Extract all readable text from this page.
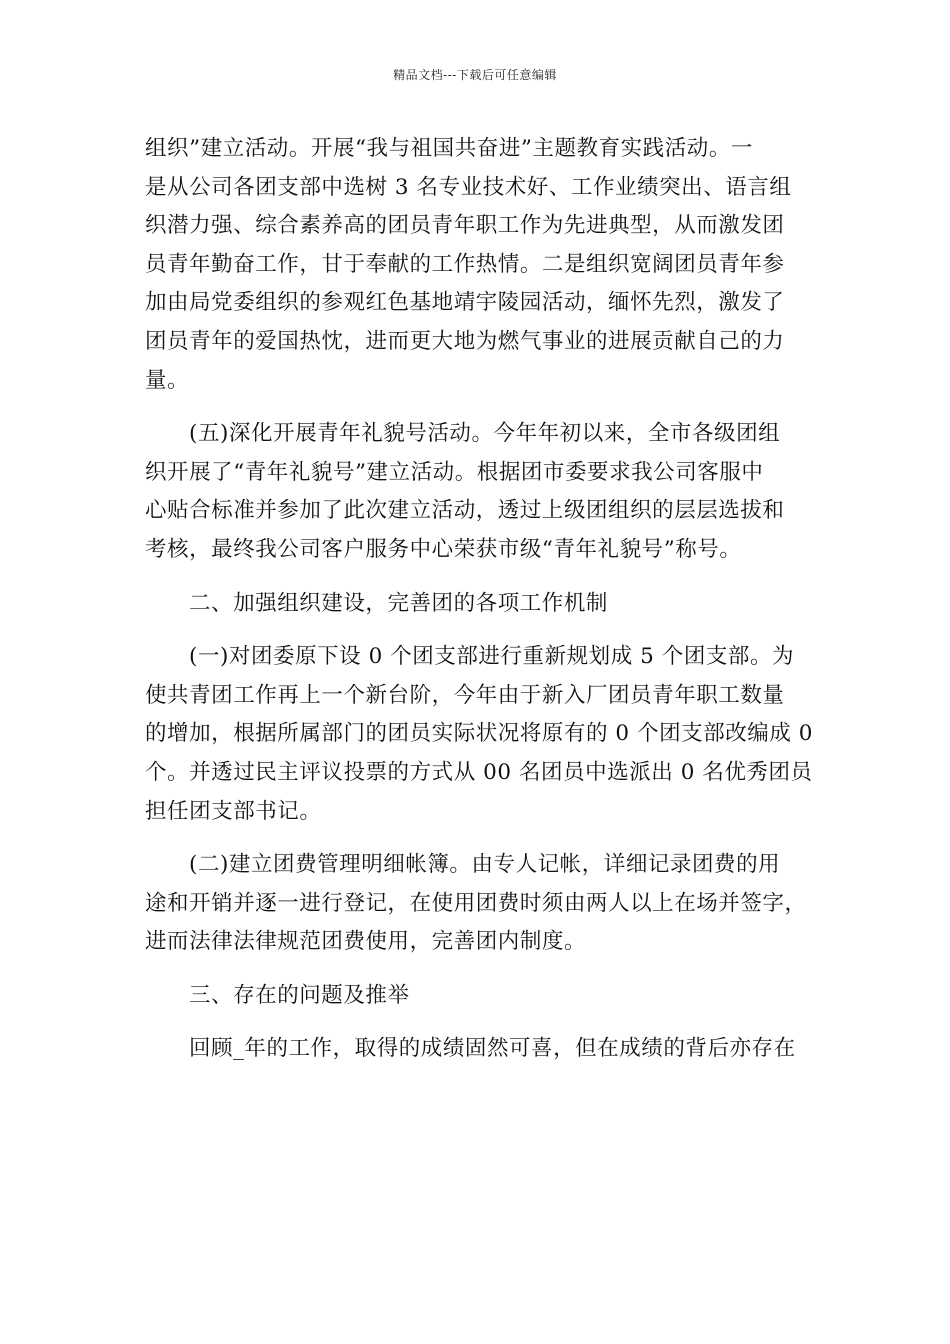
精品文档---下载后可任意编辑
组织”建立活动。开展“我与祖国共奋进”主题教育实践活动。一
是从公司各团支部中选树 3 名专业技术好、工作业绩突出、语言组
织潜力强、综合素养高的团员青年职工作为先进典型，从而激发团
员青年勤奋工作，甘于奉献的工作热情。二是组织宽阔团员青年参
加由局党委组织的参观红色基地靖宇陵园活动，缅怀先烈，激发了
团员青年的爱国热忱，进而更大地为燃气事业的进展贡献自己的力
量。
(五)深化开展青年礼貌号活动。今年年初以来，全市各级团组
织开展了“青年礼貌号”建立活动。根据团市委要求我公司客服中
心贴合标准并参加了此次建立活动，透过上级团组织的层层选拔和
考核，最终我公司客户服务中心荣获市级“青年礼貌号”称号。
二、加强组织建设，完善团的各项工作机制
(一)对团委原下设 0 个团支部进行重新规划成 5 个团支部。为
使共青团工作再上一个新台阶，今年由于新入厂团员青年职工数量
的增加，根据所属部门的团员实际状况将原有的 0 个团支部改编成 0
个。并透过民主评议投票的方式从 00 名团员中选派出 0 名优秀团员
担任团支部书记。
(二)建立团费管理明细帐簿。由专人记帐，详细记录团费的用
途和开销并逐一进行登记，在使用团费时须由两人以上在场并签字，
进而法律法律规范团费使用，完善团内制度。
三、存在的问题及推举
回顾_年的工作，取得的成绩固然可喜，但在成绩的背后亦存在
